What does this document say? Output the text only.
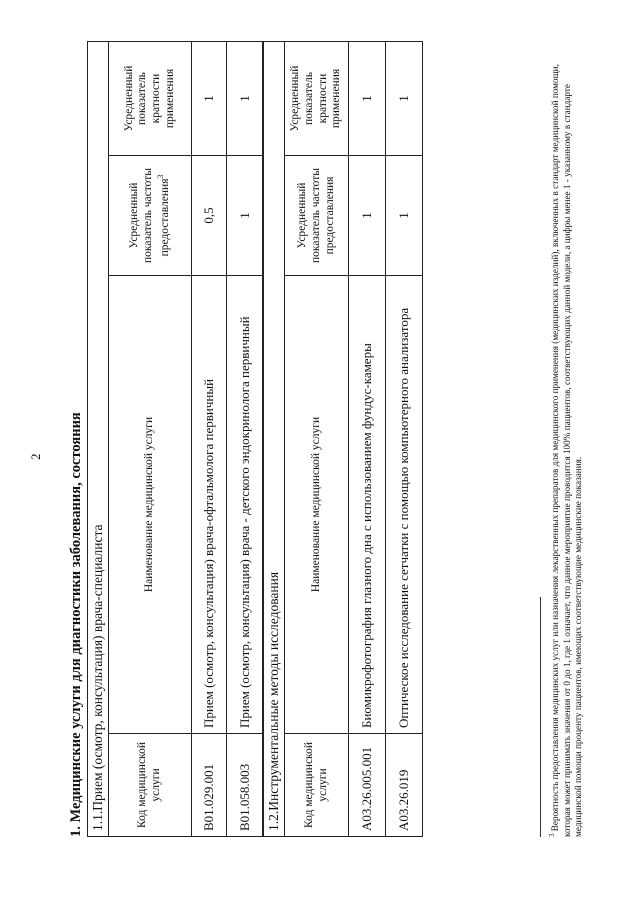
2 1. Медицинские услуги для диагностики заболевания, состояния 1.1.Прием (осмотр, консультация) врача-специалиста			
Код медицинской услуги	Наименование медицинской услуги	Усредненный показатель частоты предоставления$^3$	Усредненный показатель кратности применения
B01.029.001	Прием (осмотр, консультация) врача-офтальмолога первичный	0,5	1
B01.058.003	Прием (осмотр, консультация) врача - детского эндокринолога первичный	1	1
1.2.Инструментальные методы исследования			
Код медицинской услуги	Наименование медицинской услуги	Усредненный показатель частоты предоставления	Усредненный показатель кратности применения
A03.26.005.001	Биомикрофотография глазного дна с использованием фундус-камеры	1	1
A03.26.019	Оптическое исследование сетчатки с помощью компьютерного анализатора	1	1
$^3$ Вероятность предоставления медицинских услуг или назначения лекарственных препаратов для медицинского применения (медицинских изделий), включенных в стандарт медицинской помощи, которая может принимать значения от 0 до 1, где 1 означает, что данное мероприятие проводится 100% пациентов, соответствующих данной модели, а цифры менее 1 - указанному в стандарте медицинской помощи проценту пациентов, имеющих соответствующие медицинские показания.
